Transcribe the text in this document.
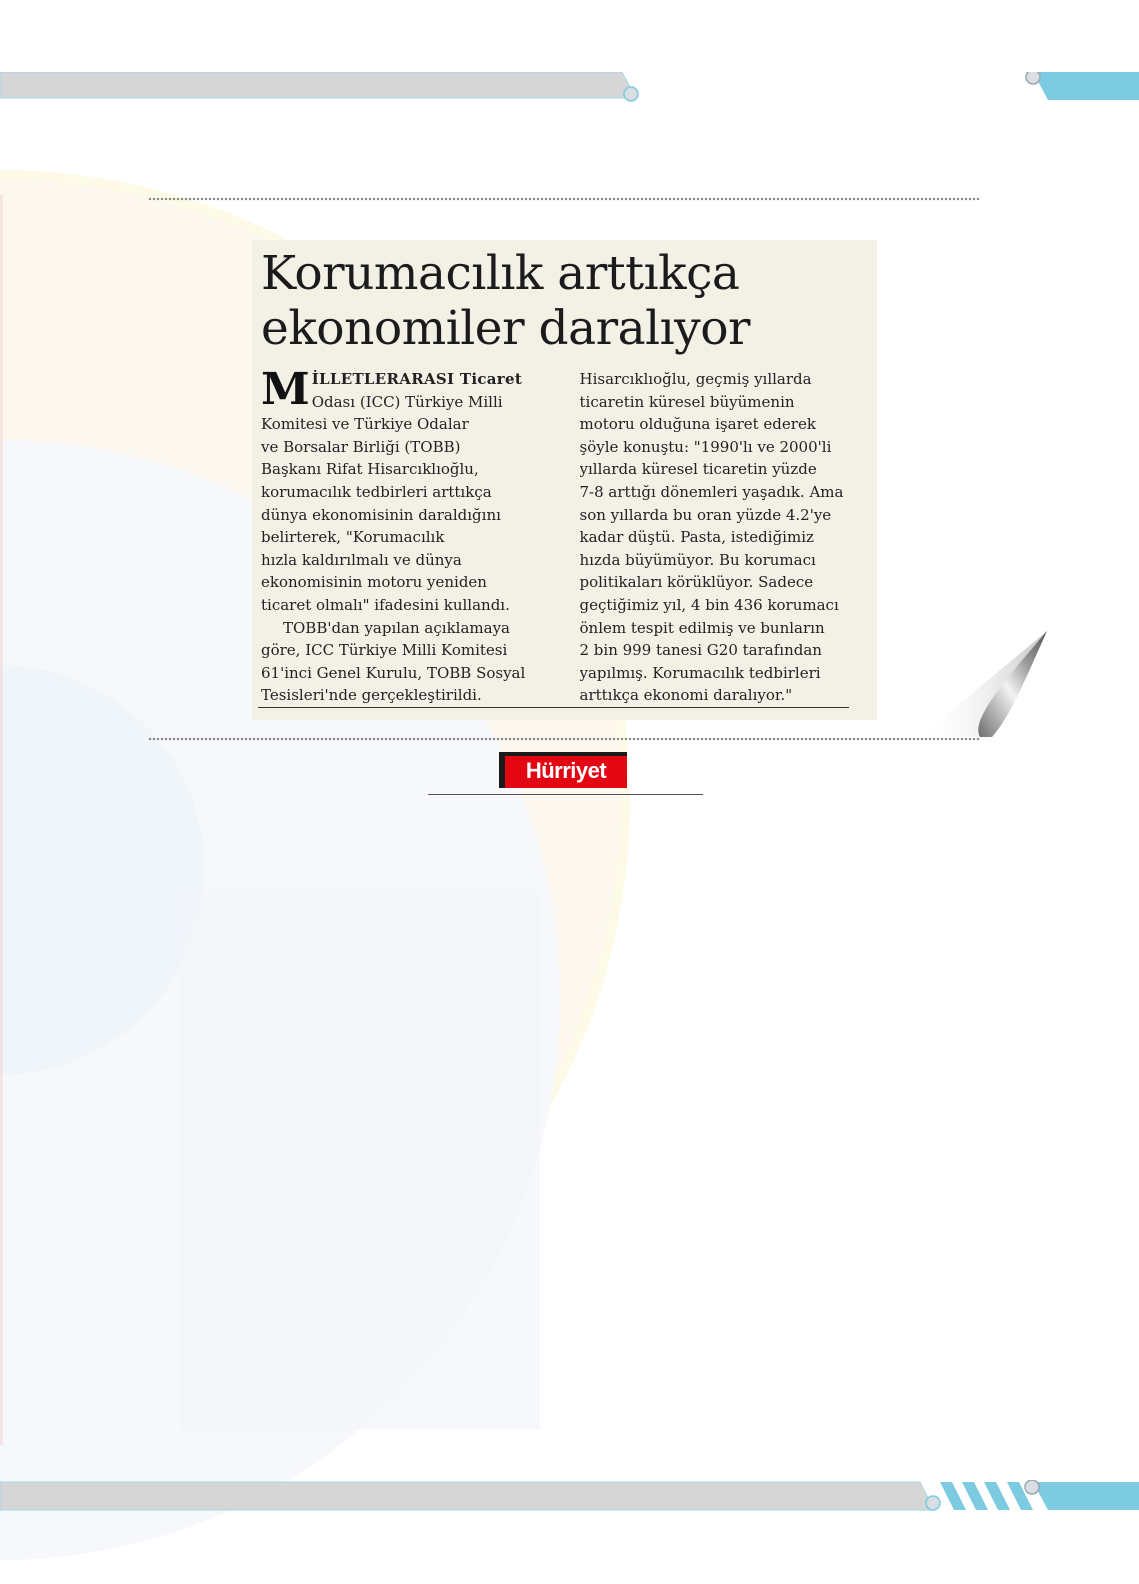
Korumacılık arttıkça
ekonomiler daralıyor

MİLLETLERARASI Ticaret
Odası (ICC) Türkiye Milli
Komitesi ve Türkiye Odalar
ve Borsalar Birliği (TOBB)
Başkanı Rifat Hisarcıklıoğlu,
korumacılık tedbirleri arttıkça
dünya ekonomisinin daraldığını
belirterek, "Korumacılık
hızla kaldırılmalı ve dünya
ekonomisinin motoru yeniden
ticaret olmalı" ifadesini kullandı.

TOBB'dan yapılan açıklamaya
göre, ICC Türkiye Milli Komitesi

61'inci Genel Kurulu, TOBB Sosyal
Tesisleri'nde gerçekleştirildi.

Hisarcıklıoğlu, geçmiş yıllarda
ticaretin küresel büyümenin
motoru olduğuna işaret ederek
şöyle konuştu: "1990'lı ve 2000'li
yıllarda küresel ticaretin yüzde
7-8 arttığı dönemleri yaşadık. Ama
son yıllarda bu oran yüzde 4.2'ye
kadar düştü. Pasta, istediğimiz
hızda büyümüyor. Bu korumacı
politikaları körüklüyor. Sadece
geçtiğimiz yıl, 4 bin 436 korumacı
önlem tespit edilmiş ve bunların
2 bin 999 tanesi G20 tarafından
yapılmış. Korumacılık tedbirleri
arttıkça ekonomi daralıyor."

Hürriyet
